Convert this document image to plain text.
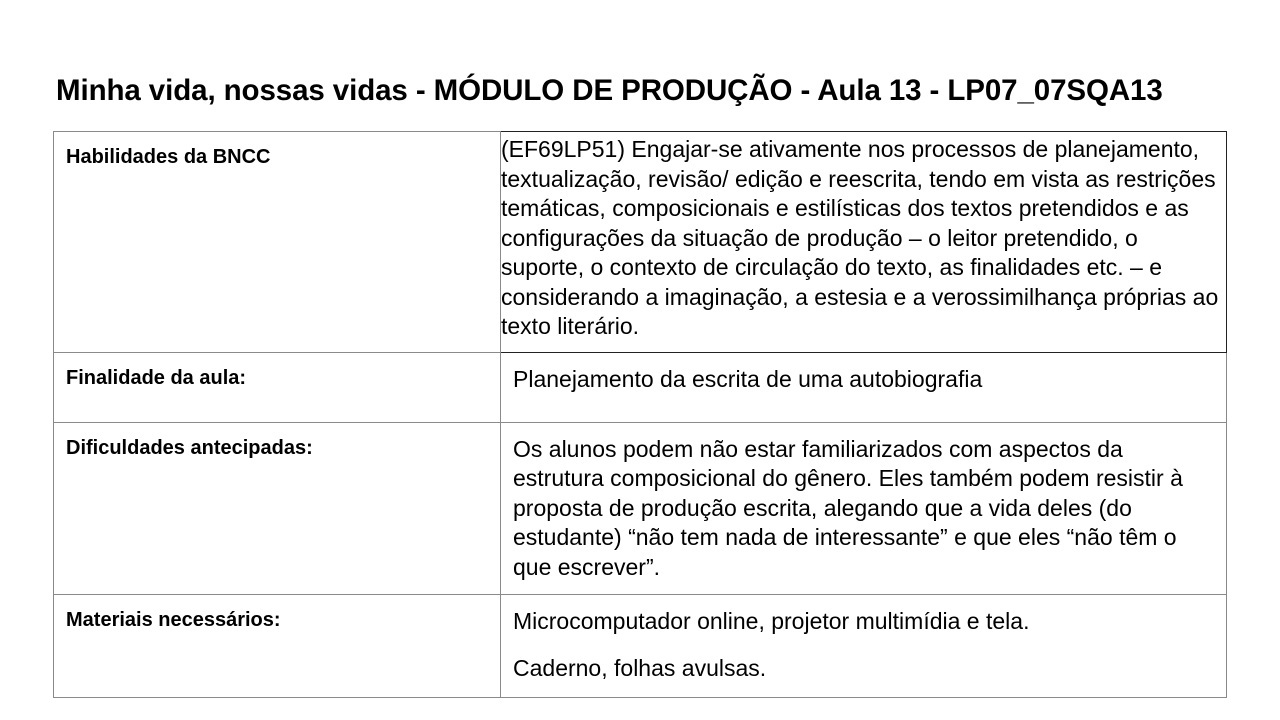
Minha vida, nossas vidas - MÓDULO DE PRODUÇÃO - Aula 13 - LP07_07SQA13
Habilidades da BNCC	(EF69LP51) Engajar-se ativamente nos processos de planejamento, textualização, revisão/ edição e reescrita, tendo em vista as restrições temáticas, composicionais e estilísticas dos textos pretendidos e as configurações da situação de produção – o leitor pretendido, o suporte, o contexto de circulação do texto, as finalidades etc. – e considerando a imaginação, a estesia e a verossimilhança próprias ao texto literário.

Finalidade da aula:	Planejamento da escrita de uma autobiografia

Dificuldades antecipadas:	Os alunos podem não estar familiarizados com aspectos da estrutura composicional do gênero. Eles também podem resistir à proposta de produção escrita, alegando que a vida deles (do estudante) “não tem nada de interessante” e que eles “não têm o que escrever”.

Materiais necessários:	Microcomputador online, projetor multimídia e tela.

Caderno, folhas avulsas.
